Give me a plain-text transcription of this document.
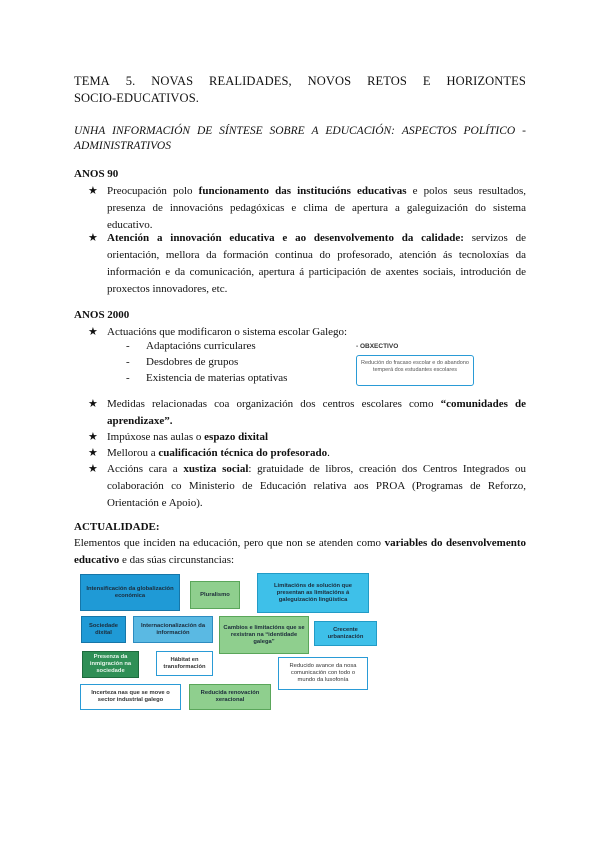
TEMA 5. NOVAS REALIDADES, NOVOS RETOS E HORIZONTES
SOCIO-EDUCATIVOS.
UNHA INFORMACIÓN DE SÍNTESE SOBRE A EDUCACIÓN: ASPECTOS POLÍTICO -
ADMINISTRATIVOS
ANOS 90
★ Preocupación polo funcionamento das institucións educativas e polos seus resultados, presenza de innovacións pedagóxicas e clima de apertura a galeguización do sistema educativo.
★ Atención a innovación educativa e ao desenvolvemento da calidade: servizos de orientación, mellora da formación continua do profesorado, atención ás tecnoloxías da información e da comunicación, apertura á participación de axentes sociais, introdución de proxectos innovadores, etc.
ANOS 2000
★ Actuacións que modificaron o sistema escolar Galego:
- Adaptacións curriculares
- Desdobres de grupos
- Existencia de materias optativas
- OBXECTIVO
Redución do fracaso escolar e do abandono temperá dos estudantes escolares
★ Medidas relacionadas coa organización dos centros escolares como “comunidades de aprendizaxe”.
★ Impúxose nas aulas o espazo dixital
★ Mellorou a cualificación técnica do profesorado.
★ Accións cara a xustiza social: gratuidade de libros, creación dos Centros Integrados ou colaboración co Ministerio de Educación relativa aos PROA (Programas de Reforzo, Orientación e Apoio).
ACTUALIDADE:
Elementos que inciden na educación, pero que non se atenden como variables do desenvolvemento educativo e das súas circunstancias:
Intensificación da globalización económica	Pluralismo
Limitacións de solución que presentan as limitacións á galeguización lingüística
Sociedade dixital
Internacionalización da información
Cambios e limitacións que se rexistran na “identidade galega”
Crecente urbanización
Presenza da inmigración na sociedade
Hábitat en transformación	Reducido avance da nosa comunicación con todo o mundo da lusofonía
Incerteza nas que se move o sector industrial galego
Reducida renovación xeracional
